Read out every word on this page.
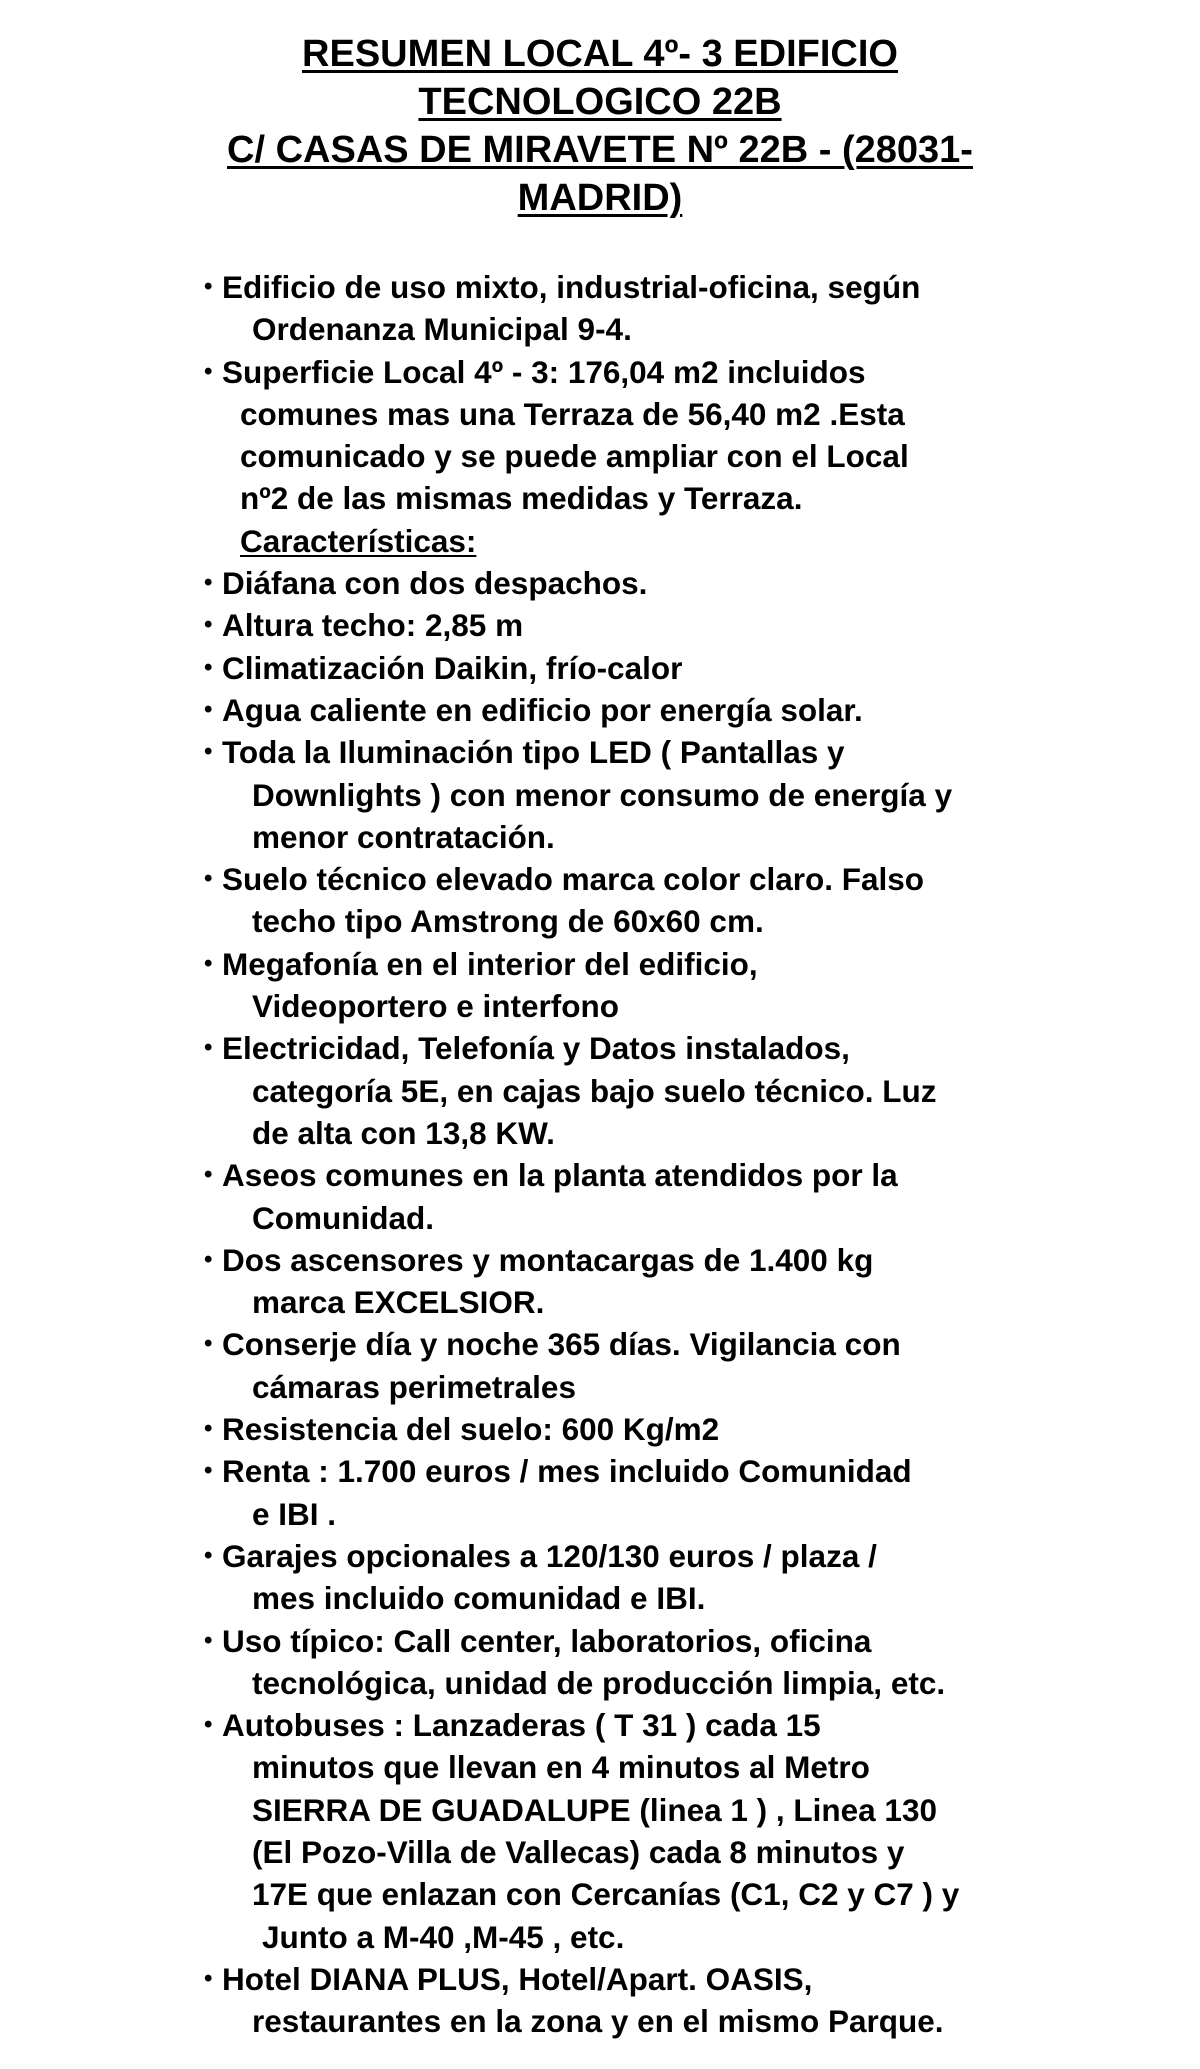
RESUMEN LOCAL 4º- 3 EDIFICIO
TECNOLOGICO 22B
C/ CASAS DE MIRAVETE Nº 22B - (28031-
MADRID)
• Edificio de uso mixto, industrial-oficina, según
Ordenanza Municipal 9-4.
• Superficie Local 4º - 3: 176,04 m2 incluidos
comunes mas una Terraza de 56,40 m2 .Esta
comunicado y se puede ampliar con el Local
nº2 de las mismas medidas y Terraza.
Características:
• Diáfana con dos despachos.
• Altura techo: 2,85 m
• Climatización Daikin, frío-calor
• Agua caliente en edificio por energía solar.
• Toda la Iluminación tipo LED ( Pantallas y
Downlights ) con menor consumo de energía y
menor contratación.
• Suelo técnico elevado marca color claro. Falso
techo tipo Amstrong de 60x60 cm.
• Megafonía en el interior del edificio,
Videoportero e interfono
• Electricidad, Telefonía y Datos instalados,
categoría 5E, en cajas bajo suelo técnico. Luz
de alta con 13,8 KW.
• Aseos comunes en la planta atendidos por la
Comunidad.
• Dos ascensores y montacargas de 1.400 kg
marca EXCELSIOR.
• Conserje día y noche 365 días. Vigilancia con
cámaras perimetrales
• Resistencia del suelo: 600 Kg/m2
• Renta : 1.700 euros / mes incluido Comunidad
e IBI .
• Garajes opcionales a 120/130 euros / plaza /
mes incluido comunidad e IBI.
• Uso típico: Call center, laboratorios, oficina
tecnológica, unidad de producción limpia, etc.
• Autobuses : Lanzaderas ( T 31 ) cada 15
minutos que llevan en 4 minutos al Metro
SIERRA DE GUADALUPE (linea 1 ) , Linea 130
(El Pozo-Villa de Vallecas) cada 8 minutos y
17E que enlazan con Cercanías (C1, C2 y C7 ) y
Junto a M-40 ,M-45 , etc.
• Hotel DIANA PLUS, Hotel/Apart. OASIS,
restaurantes en la zona y en el mismo Parque.
